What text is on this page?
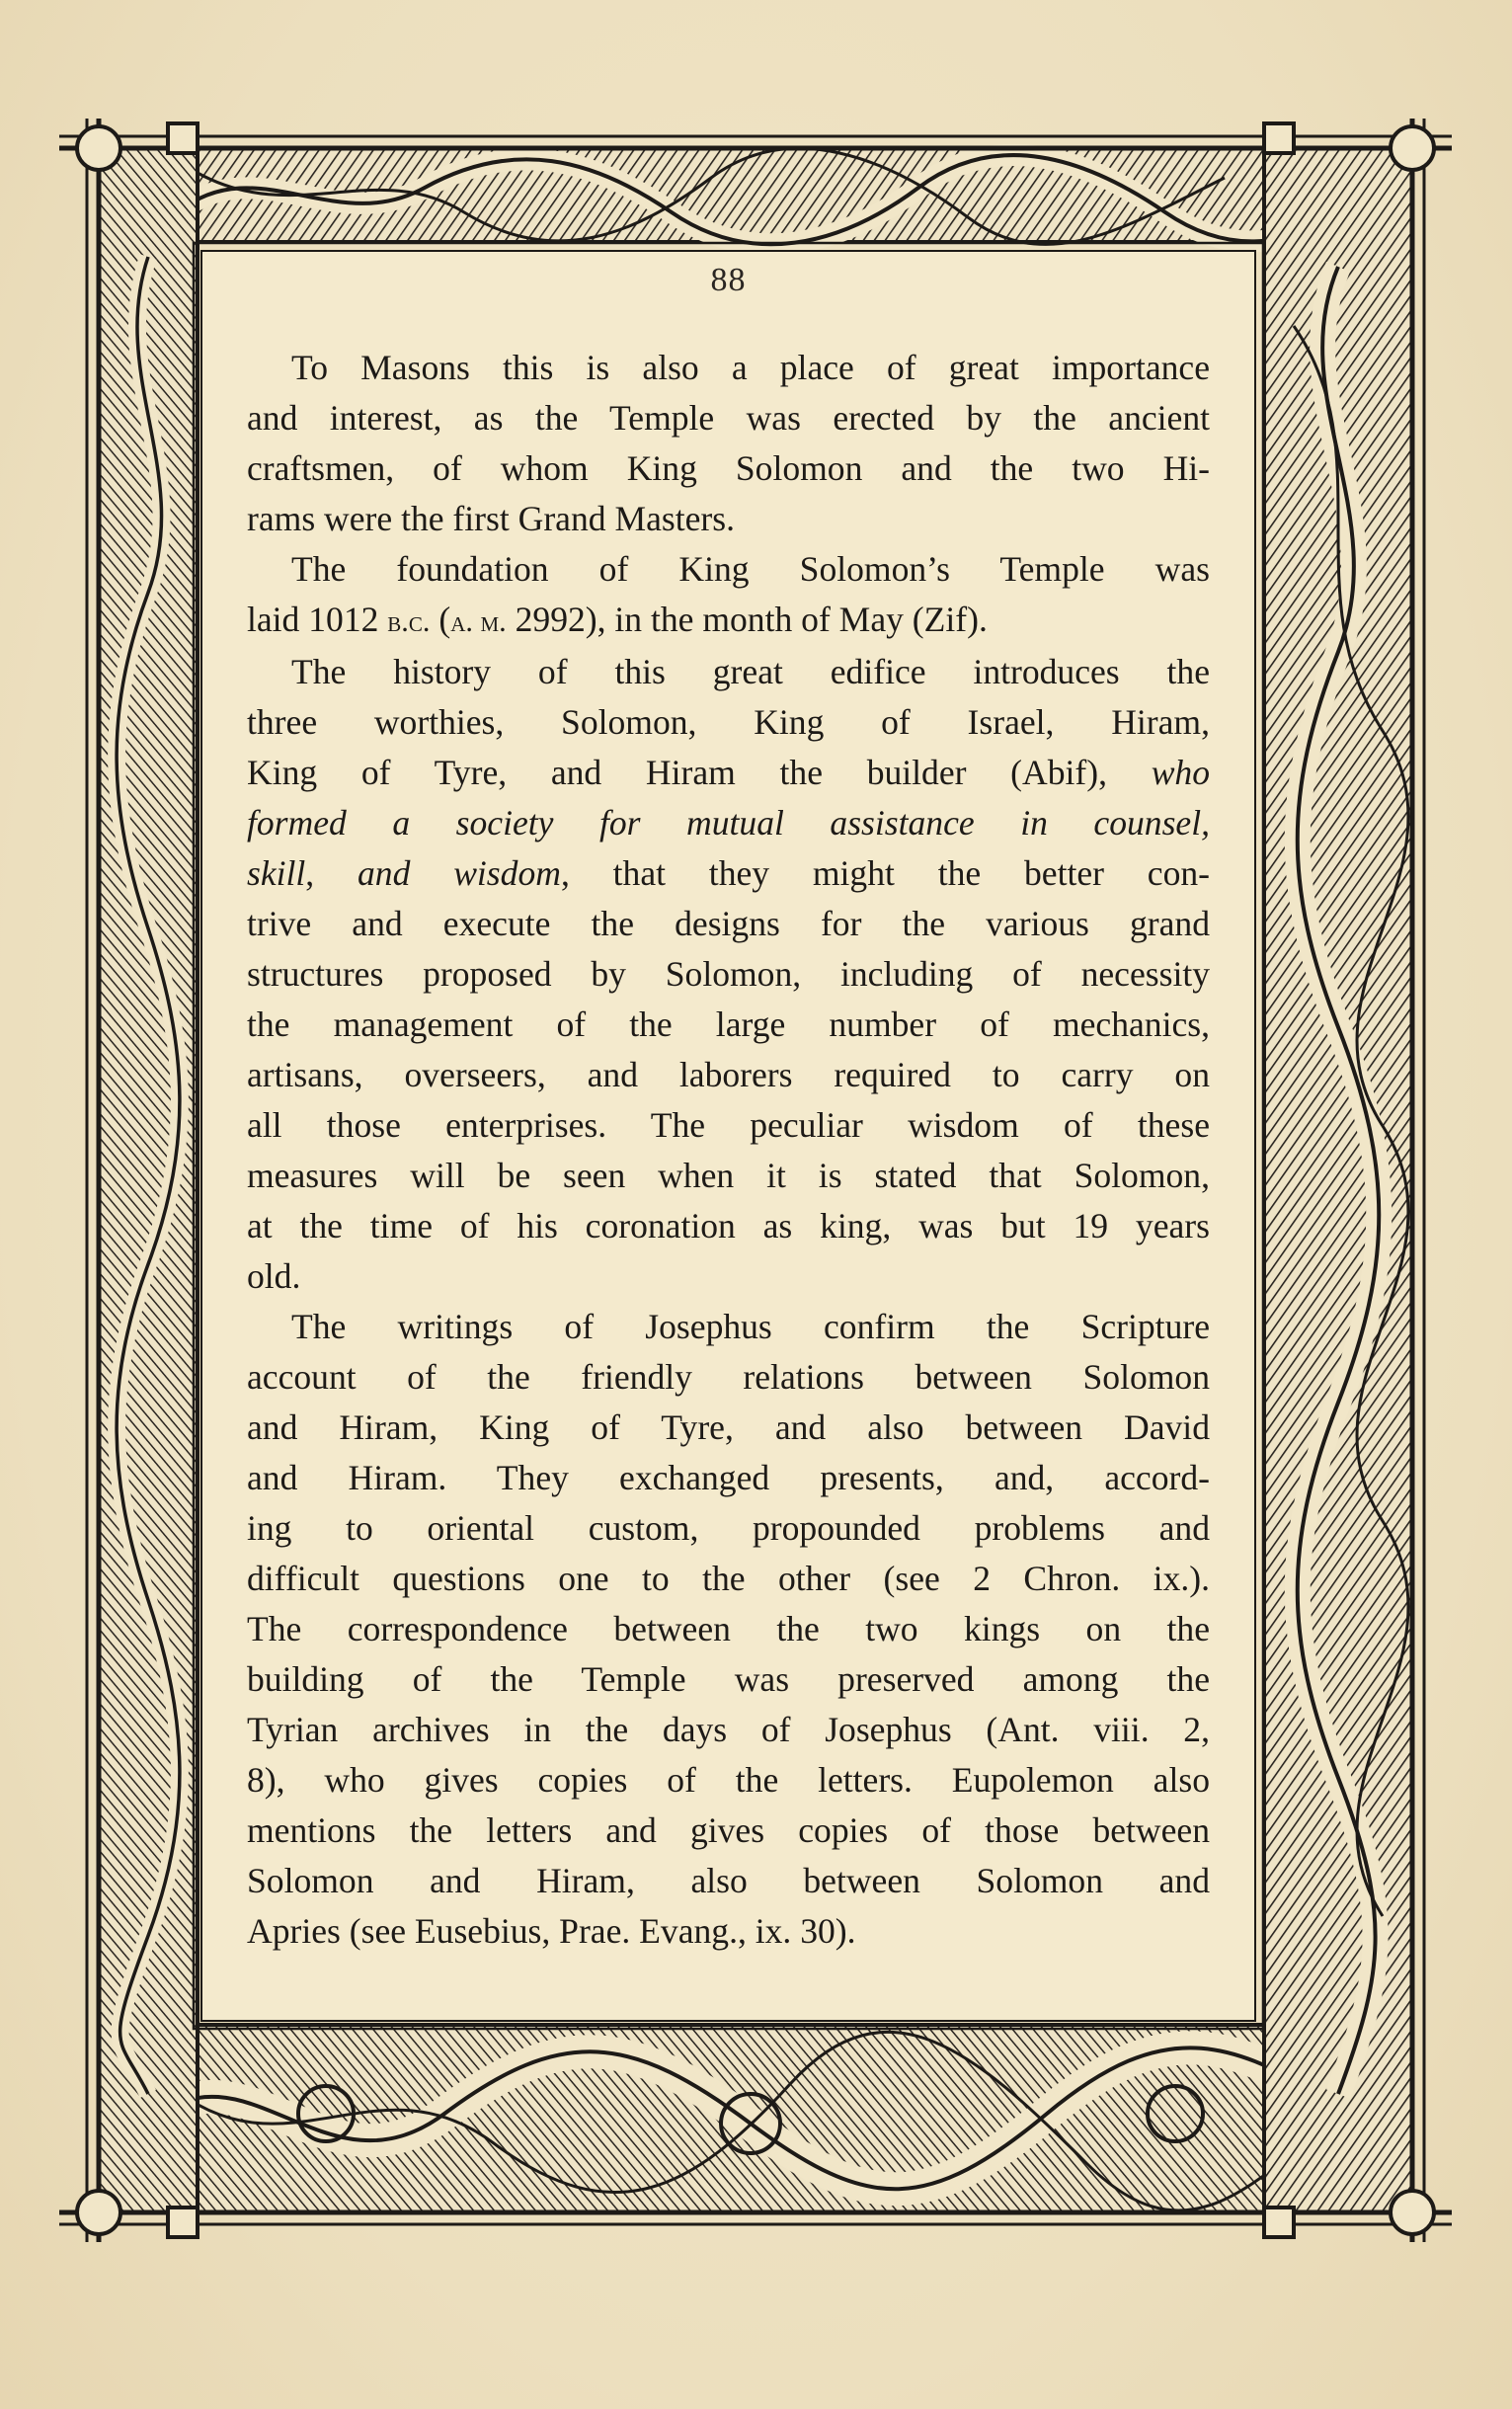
88
To Masons this is also a place of great importance
and interest, as the Temple was erected by the ancient
craftsmen, of whom King Solomon and the two Hi-
rams were the first Grand Masters.
The foundation of King Solomon’s Temple was
laid 1012 b.c. (a. m. 2992), in the month of May (Zif).
The history of this great edifice introduces the
three worthies, Solomon, King of Israel, Hiram,
King of Tyre, and Hiram the builder (Abif), who
formed a society for mutual assistance in counsel,
skill, and wisdom, that they might the better con-
trive and execute the designs for the various grand
structures proposed by Solomon, including of necessity
the management of the large number of mechanics,
artisans, overseers, and laborers required to carry on
all those enterprises. The peculiar wisdom of these
measures will be seen when it is stated that Solomon,
at the time of his coronation as king, was but 19 years
old.
The writings of Josephus confirm the Scripture
account of the friendly relations between Solomon
and Hiram, King of Tyre, and also between David
and Hiram. They exchanged presents, and, accord-
ing to oriental custom, propounded problems and
difficult questions one to the other (see 2 Chron. ix.).
The correspondence between the two kings on the
building of the Temple was preserved among the
Tyrian archives in the days of Josephus (Ant. viii. 2,
8), who gives copies of the letters. Eupolemon also
mentions the letters and gives copies of those between
Solomon and Hiram, also between Solomon and
Apries (see Eusebius, Prae. Evang., ix. 30).
